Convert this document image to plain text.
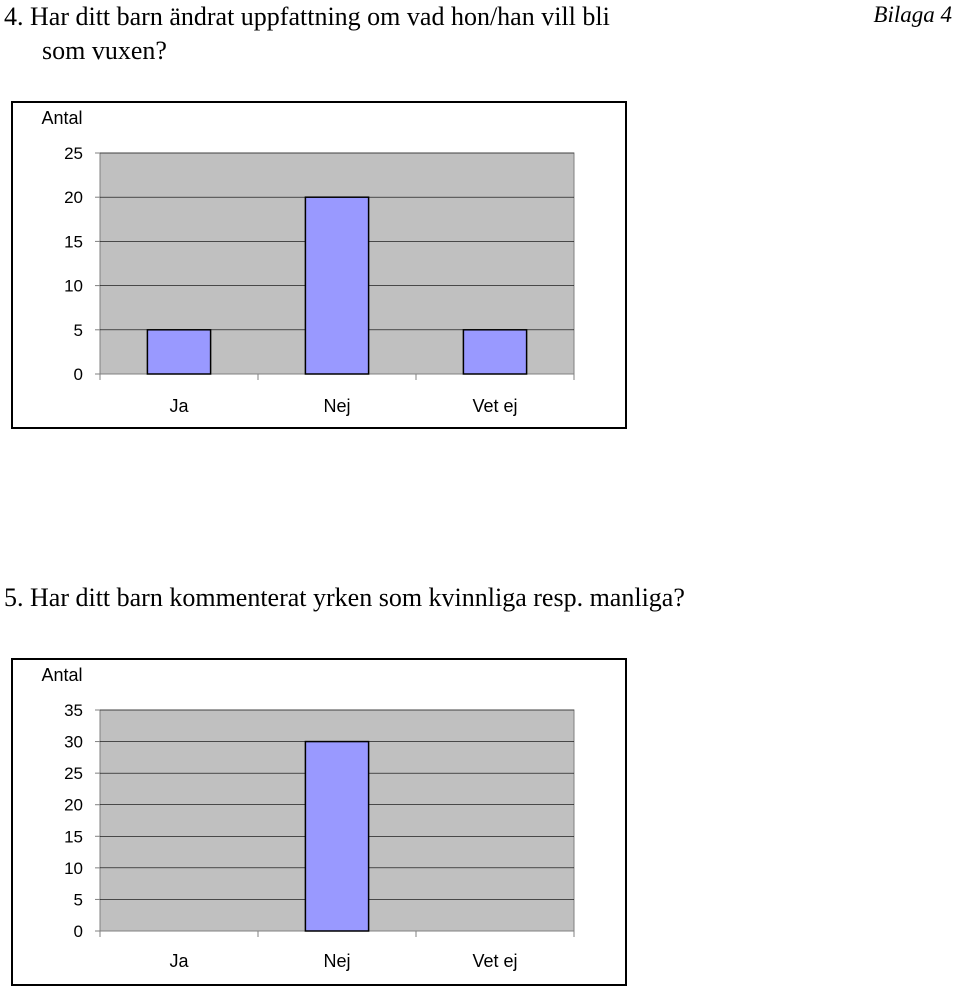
4. Har ditt barn ändrat uppfattning om vad hon/han vill bli
som vuxen?
Bilaga 4
0
5
10
15
20
25
Antal
Ja	Nej	Vet ej
5. Har ditt barn kommenterat yrken som kvinnliga resp. manliga?
0
5
10
15
20
25
30
35
Antal
Ja	Nej	Vet ej
